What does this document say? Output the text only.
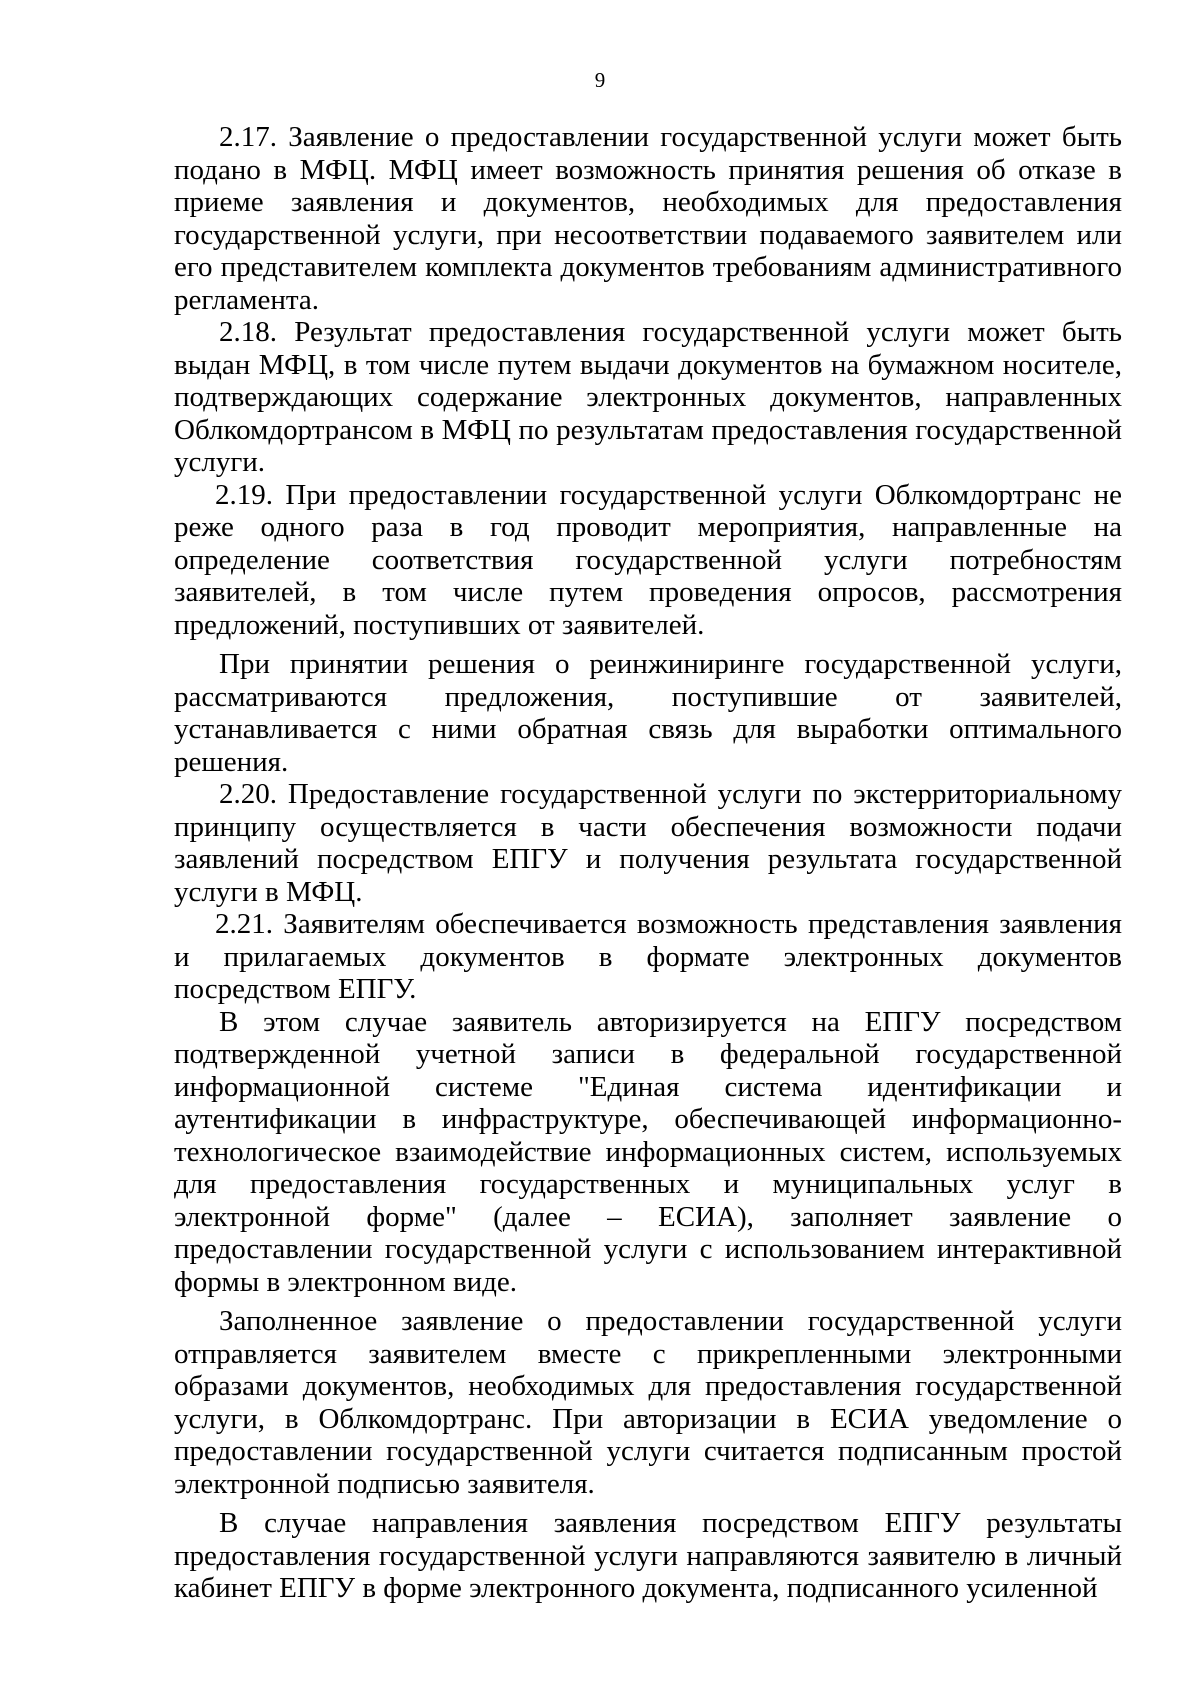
9

2.17. Заявление о предоставлении государственной услуги может быть подано в МФЦ. МФЦ имеет возможность принятия решения об отказе в приеме заявления и документов, необходимых для предоставления государственной услуги, при несоответствии подаваемого заявителем или его представителем комплекта документов требованиям административного регламента.

2.18. Результат предоставления государственной услуги может быть выдан МФЦ, в том числе путем выдачи документов на бумажном носителе, подтверждающих содержание электронных документов, направленных Облкомдортрансом в МФЦ по результатам предоставления государственной услуги.

2.19. При предоставлении государственной услуги Облкомдортранс не реже одного раза в год проводит мероприятия, направленные на определение соответствия государственной услуги потребностям заявителей, в том числе путем проведения опросов, рассмотрения предложений, поступивших от заявителей.

При принятии решения о реинжиниринге государственной услуги, рассматриваются предложения, поступившие от заявителей, устанавливается с ними обратная связь для выработки оптимального решения.

2.20. Предоставление государственной услуги по экстерриториальному принципу осуществляется в части обеспечения возможности подачи заявлений посредством ЕПГУ и получения результата государственной услуги в МФЦ.

2.21. Заявителям обеспечивается возможность представления заявления и прилагаемых документов в формате электронных документов посредством ЕПГУ.

В этом случае заявитель авторизируется на ЕПГУ посредством подтвержденной учетной записи в федеральной государственной информационной системе "Единая система идентификации и аутентификации в инфраструктуре, обеспечивающей информационно-технологическое взаимодействие информационных систем, используемых для предоставления государственных и муниципальных услуг в электронной форме" (далее – ЕСИА), заполняет заявление о предоставлении государственной услуги с использованием интерактивной формы в электронном виде.

Заполненное заявление о предоставлении государственной услуги отправляется заявителем вместе с прикрепленными электронными образами документов, необходимых для предоставления государственной услуги, в Облкомдортранс. При авторизации в ЕСИА уведомление о предоставлении государственной услуги считается подписанным простой электронной подписью заявителя.

В случае направления заявления посредством ЕПГУ результаты предоставления государственной услуги направляются заявителю в личный кабинет ЕПГУ в форме электронного документа, подписанного усиленной
